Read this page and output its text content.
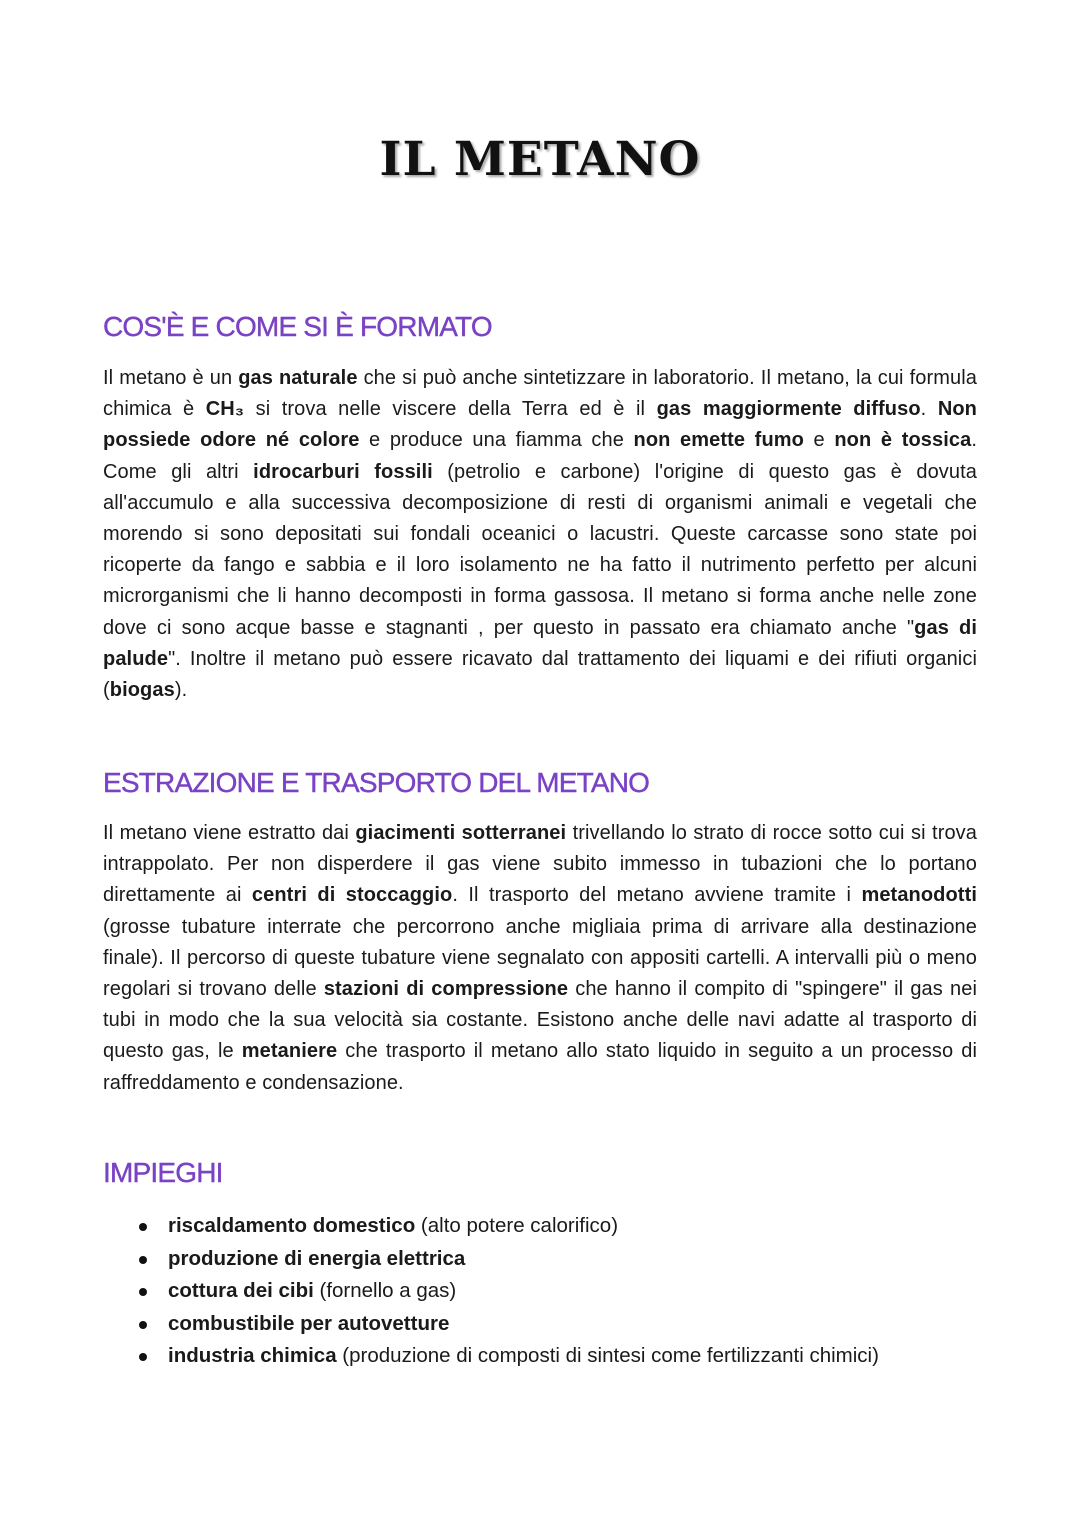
IL METANO
COS'È E COME SI È FORMATO

Il metano è un gas naturale che si può anche sintetizzare in laboratorio. Il metano, la cui formula chimica è CH₃ si trova nelle viscere della Terra ed è il gas maggiormente diffuso. Non possiede odore né colore e produce una fiamma che non emette fumo e non è tossica. Come gli altri idrocarburi fossili (petrolio e carbone) l'origine di questo gas è dovuta all'accumulo e alla successiva decomposizione di resti di organismi animali e vegetali che morendo si sono depositati sui fondali oceanici o lacustri. Queste carcasse sono state poi ricoperte da fango e sabbia e il loro isolamento ne ha fatto il nutrimento perfetto per alcuni microrganismi che li hanno decomposti in forma gassosa. Il metano si forma anche nelle zone dove ci sono acque basse e stagnanti , per questo in passato era chiamato anche "gas di palude". Inoltre il metano può essere ricavato dal trattamento dei liquami e dei rifiuti organici (biogas).

ESTRAZIONE E TRASPORTO DEL METANO

Il metano viene estratto dai giacimenti sotterranei trivellando lo strato di rocce sotto cui si trova intrappolato. Per non disperdere il gas viene subito immesso in tubazioni che lo portano direttamente ai centri di stoccaggio. Il trasporto del metano avviene tramite i metanodotti (grosse tubature interrate che percorrono anche migliaia prima di arrivare alla destinazione finale). Il percorso di queste tubature viene segnalato con appositi cartelli. A intervalli più o meno regolari si trovano delle stazioni di compressione che hanno il compito di "spingere" il gas nei tubi in modo che la sua velocità sia costante. Esistono anche delle navi adatte al trasporto di questo gas, le metaniere che trasporto il metano allo stato liquido in seguito a un processo di raffreddamento e condensazione.

IMPIEGHI
riscaldamento domestico (alto potere calorifico)
produzione di energia elettrica
cottura dei cibi (fornello a gas)
combustibile per autovetture
industria chimica (produzione di composti di sintesi come fertilizzanti chimici)
